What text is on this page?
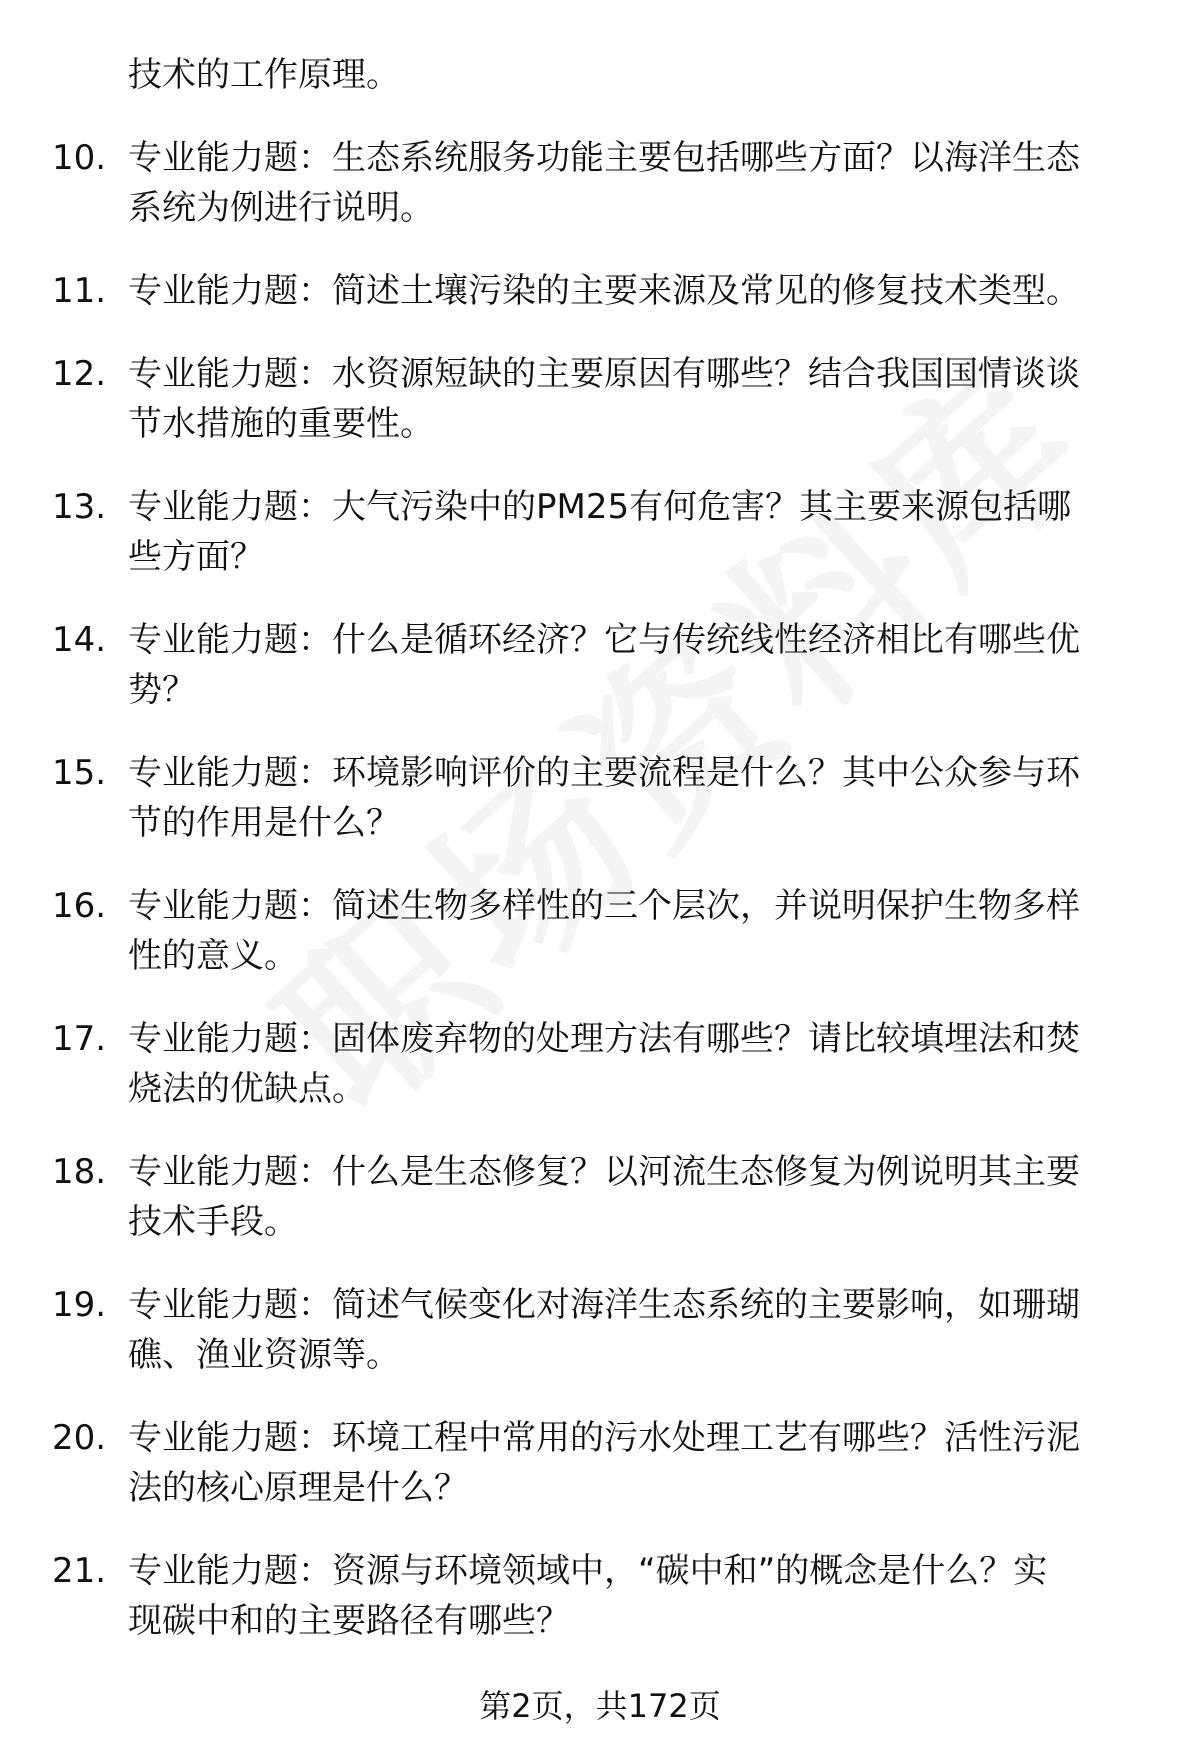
技术的工作原理。
10. 专业能力题：生态系统服务功能主要包括哪些方面？以海洋生态
系统为例进行说明。
11. 专业能力题：简述土壤污染的主要来源及常见的修复技术类型。
12. 专业能力题：水资源短缺的主要原因有哪些？结合我国国情谈谈
节水措施的重要性。
13. 专业能力题：大气污染中的PM25有何危害？其主要来源包括哪
些方面？
14. 专业能力题：什么是循环经济？它与传统线性经济相比有哪些优
势？
15. 专业能力题：环境影响评价的主要流程是什么？其中公众参与环
节的作用是什么？
16. 专业能力题：简述生物多样性的三个层次，并说明保护生物多样
性的意义。
17. 专业能力题：固体废弃物的处理方法有哪些？请比较填埋法和焚
烧法的优缺点。
18. 专业能力题：什么是生态修复？以河流生态修复为例说明其主要
技术手段。
19. 专业能力题：简述气候变化对海洋生态系统的主要影响，如珊瑚
礁、渔业资源等。
20. 专业能力题：环境工程中常用的污水处理工艺有哪些？活性污泥
法的核心原理是什么？
21. 专业能力题：资源与环境领域中，“碳中和”的概念是什么？实
现碳中和的主要路径有哪些？
第2页，共172页
